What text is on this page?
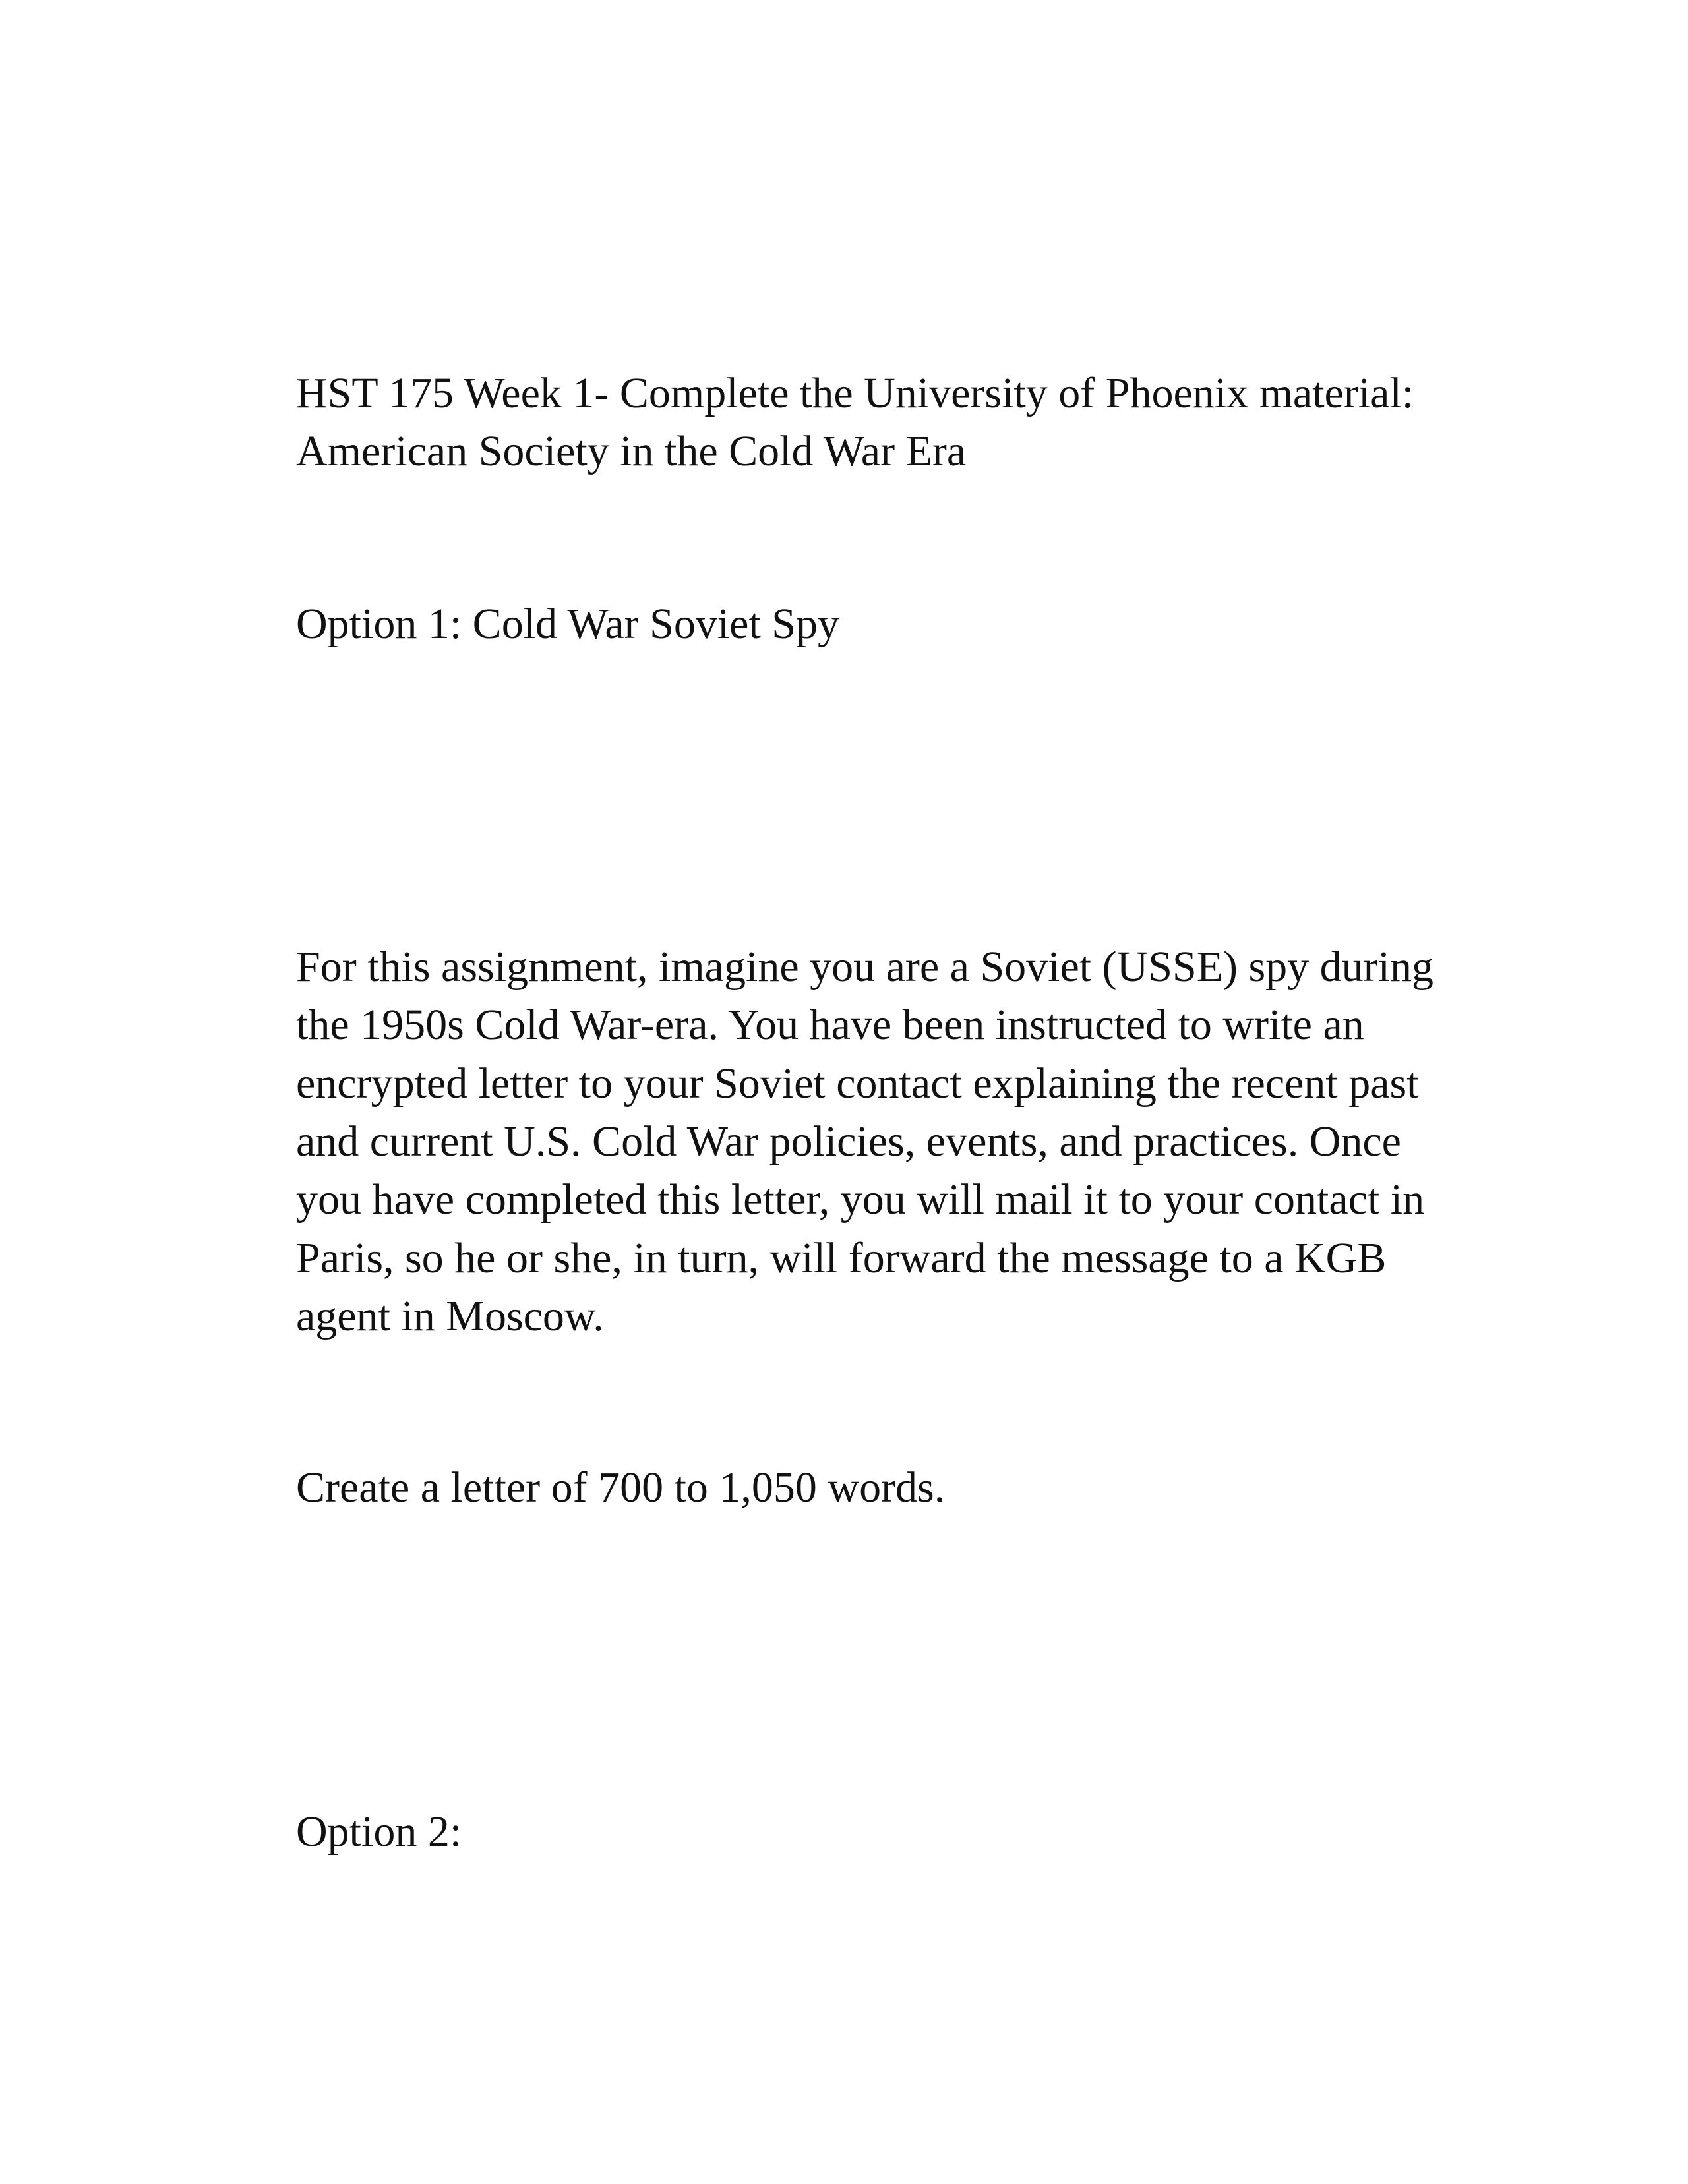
HST 175 Week 1- Complete the University of Phoenix material:

American Society in the Cold War Era

Option 1: Cold War Soviet Spy

For this assignment, imagine you are a Soviet (USSE) spy during

the 1950s Cold War-era. You have been instructed to write an

encrypted letter to your Soviet contact explaining the recent past

and current U.S. Cold War policies, events, and practices. Once

you have completed this letter, you will mail it to your contact in

Paris, so he or she, in turn, will forward the message to a KGB

agent in Moscow.

Create a letter of 700 to 1,050 words.

Option 2:
